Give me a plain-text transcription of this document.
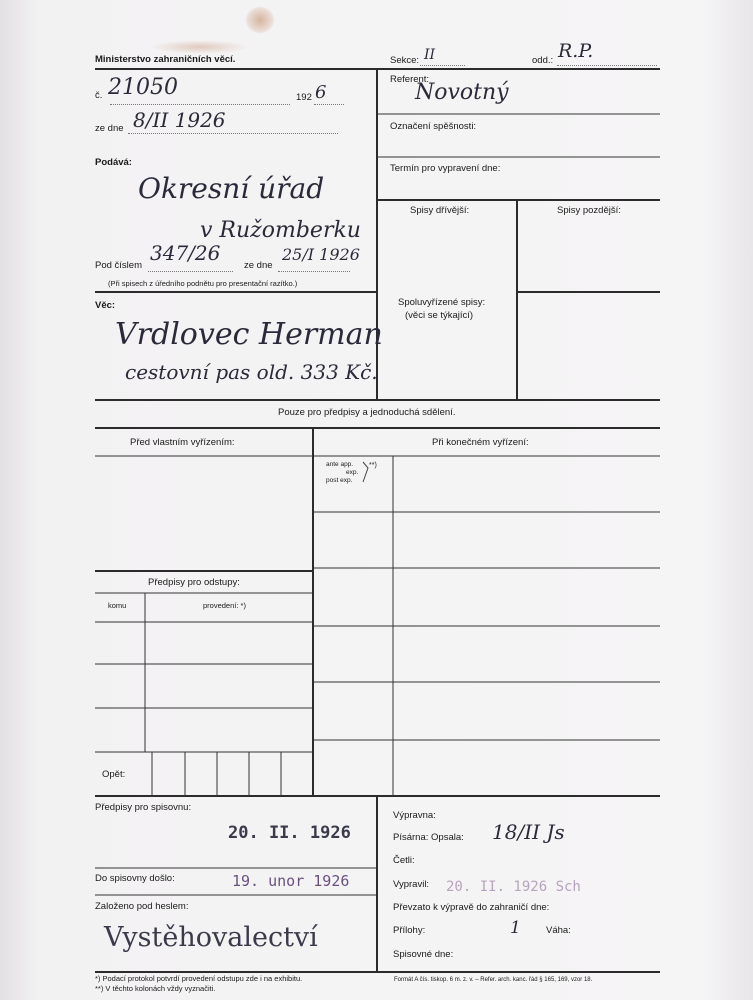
Ministerstvo zahraničních věcí.	Sekce: II	odd.: R.P.
č. 21050	192 6
ze dne 8/II 1926
Podává:
Okresní úřad
v Ružomberku
Pod číslem
347/26
ze dne
25/I 1926
(Při spisech z úředního podnětu pro presentační razítko.)
Referent:
Novotný
Označení spěšnosti:
Termín pro vypravení dne:
Spisy dřívější:	Spisy pozdější:
Spoluvyřízené spisy:
(věci se týkající)
Věc:
Vrdlovec Herman
cestovní pas old. 333 Kč.
Pouze pro předpisy a jednoduchá sdělení.
Před vlastním vyřízením:	Při konečném vyřízení:
ante app.
exp.
post exp.
**)
Předpisy pro odstupy:
komu	provedení: *)
Opět:
Předpisy pro spisovnu:
20. II. 1926
Do spisovny došlo:	19. unor 1926
Založeno pod heslem:
Vystěhovalectví
Výpravna:
Písárna: Opsala: 18/II Js
Četli:
Vypravil: 20. II. 1926 Sch
Převzato k výpravě do zahraničí dne:
Přílohy:	1	Váha:
Spisovné dne:
*) Podací protokol potvrdí provedení odstupu zde i na exhibitu.
**) V těchto kolonách vždy vyznačiti.
Formát A čís. tiskop. 6 m. z. v. – Refer. arch. kanc. řád § 165, 169, vzor 18.
